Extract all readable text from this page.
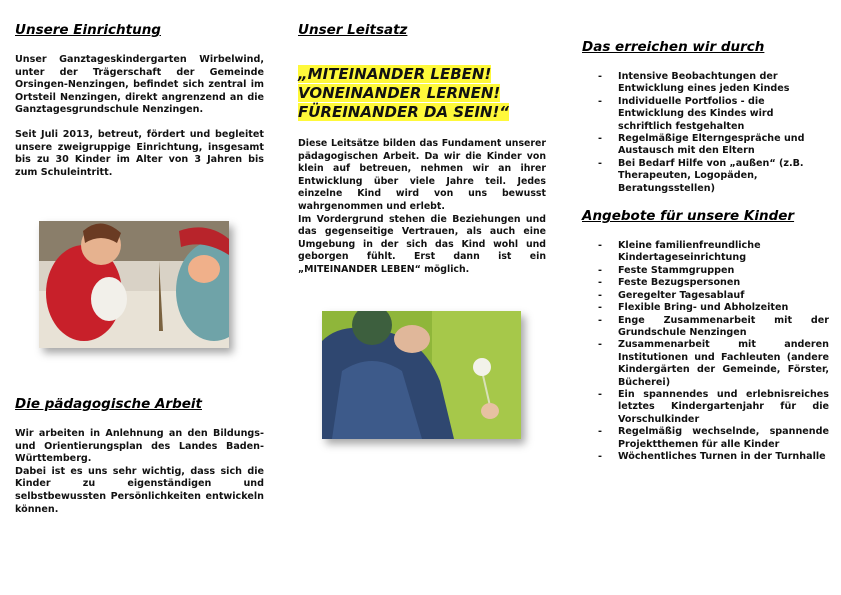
Unsere Einrichtung

Unser Ganztageskindergarten Wirbelwind, unter der Trägerschaft der Gemeinde Orsingen-Nenzingen, befindet sich zentral im Ortsteil Nenzingen, direkt angrenzend an die Ganztagesgrundschule Nenzingen.

Seit Juli 2013, betreut, fördert und begleitet unsere zweigruppige Einrichtung, insgesamt bis zu 30 Kinder im Alter von 3 Jahren bis zum Schuleintritt.

Die pädagogische Arbeit

Wir arbeiten in Anlehnung an den Bildungs- und Orientierungsplan des Landes Baden-Württemberg.

Dabei ist es uns sehr wichtig, dass sich die Kinder zu eigenständigen und selbstbewussten Persönlichkeiten entwickeln können.

Unser Leitsatz
„MITEINANDER LEBEN!
VONEINANDER LERNEN!
FÜREINANDER DA SEIN!“

Diese Leitsätze bilden das Fundament unserer pädagogischen Arbeit. Da wir die Kinder von klein auf betreuen, nehmen wir an ihrer Entwicklung über viele Jahre teil. Jedes einzelne Kind wird von uns bewusst wahrgenommen und erlebt.

Im Vordergrund stehen die Beziehungen und das gegenseitige Vertrauen, als auch eine Umgebung in der sich das Kind wohl und geborgen fühlt. Erst dann ist ein „MITEINANDER LEBEN“ möglich.

Das erreichen wir durch
- Intensive Beobachtungen der Entwicklung eines jeden Kindes
- Individuelle Portfolios - die Entwicklung des Kindes wird schriftlich festgehalten
- Regelmäßige Elterngespräche und Austausch mit den Eltern
- Bei Bedarf Hilfe von „außen“ (z.B. Therapeuten, Logopäden, Beratungsstellen)
Angebote für unsere Kinder
- Kleine familienfreundliche Kindertageseinrichtung
- Feste Stammgruppen
- Feste Bezugspersonen
- Geregelter Tagesablauf
- Flexible Bring- und Abholzeiten
- Enge Zusammenarbeit mit der Grundschule Nenzingen
- Zusammenarbeit mit anderen Institutionen und Fachleuten (andere Kindergärten der Gemeinde, Förster, Bücherei)
- Ein spannendes und erlebnisreiches letztes Kindergartenjahr für die Vorschulkinder
- Regelmäßig wechselnde, spannende Projektthemen für alle Kinder
- Wöchentliches Turnen in der Turnhalle
